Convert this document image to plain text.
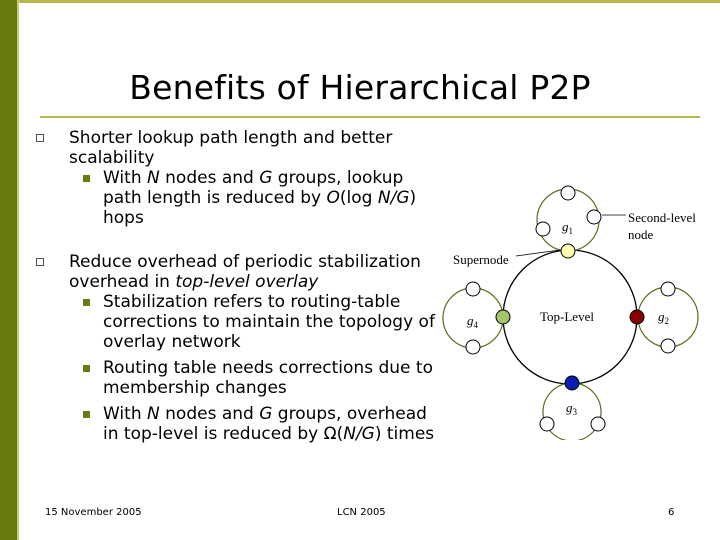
Benefits of Hierarchical P2P
Shorter lookup path length and better scalability
With N nodes and G groups, lookup path length is reduced by O(log N/G) hops
Reduce overhead of periodic stabilization overhead in top-level overlay
Stabilization refers to routing-table corrections to maintain the topology of overlay network
Routing table needs corrections due to membership changes
With N nodes and G groups, overhead in top-level is reduced by Ω(N/G) times
Second-level
node
Supernode
Top-Level
$g_1$
$g_2$
$g_3$
$g_4$
15 November 2005	LCN 2005	6
